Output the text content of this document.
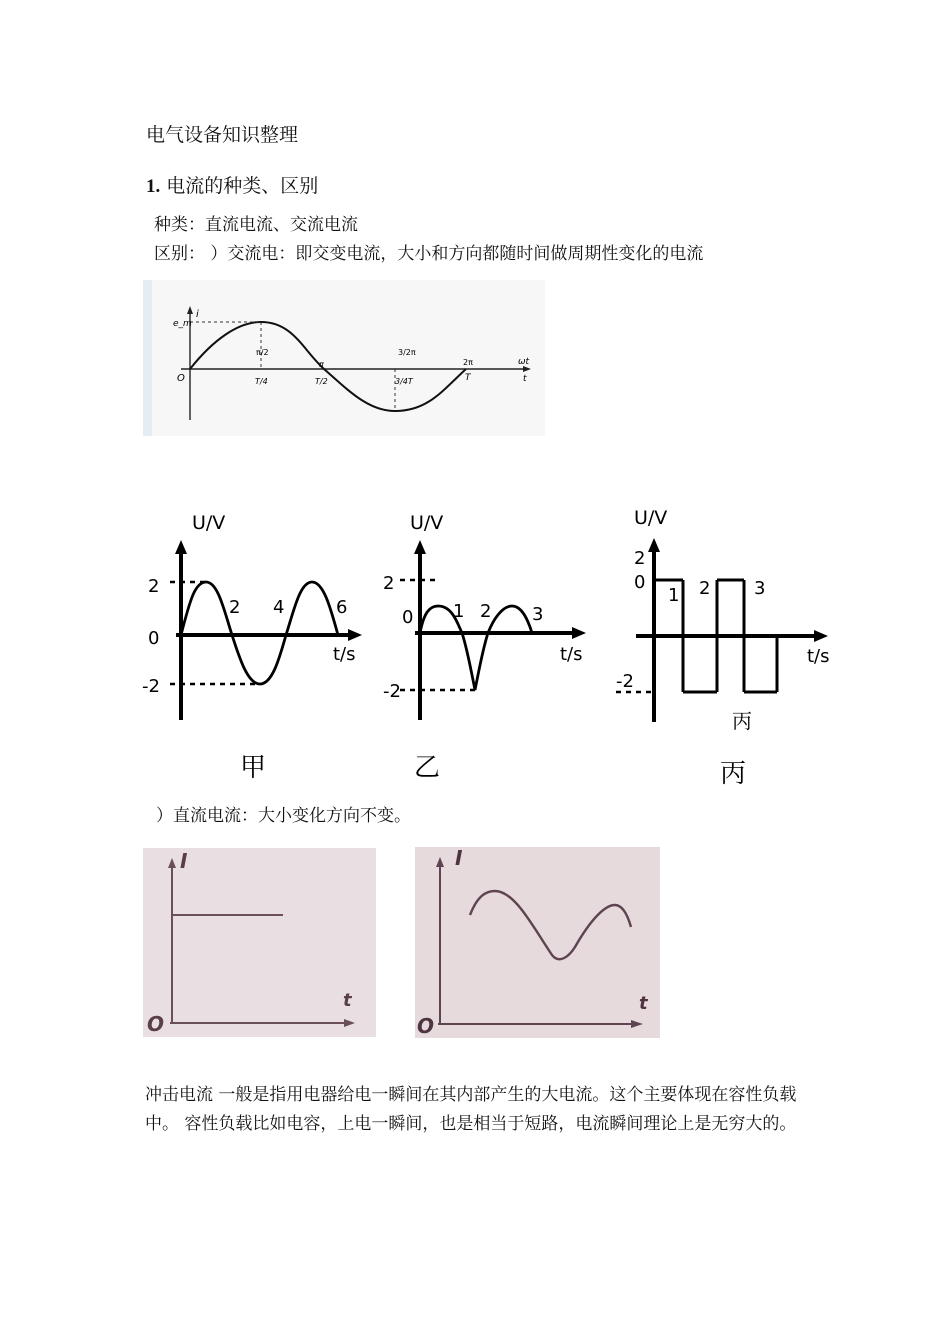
电气设备知识整理
1. 电流的种类、区别
种类：直流电流、交流电流
区别： ）交流电：即交变电流，大小和方向都随时间做周期性变化的电流
i
e_m
O
π/2
π
3/2π
2π	ωt
T/4	T/2	3/4T	T	t
U/V
2
0
-2
2 4	6
t/s
甲
U/V
2
0
-2
1 2 3
t/s
乙
U/V
2
0
-2
1 2 3
t/s
丙
丙
）直流电流：大小变化方向不变。
I
t
O
I
t
O
冲击电流 一般是指用电器给电一瞬间在其内部产生的大电流。这个主要体现在容性负载中。 容性负载比如电容，上电一瞬间，也是相当于短路，电流瞬间理论上是无穷大的。
